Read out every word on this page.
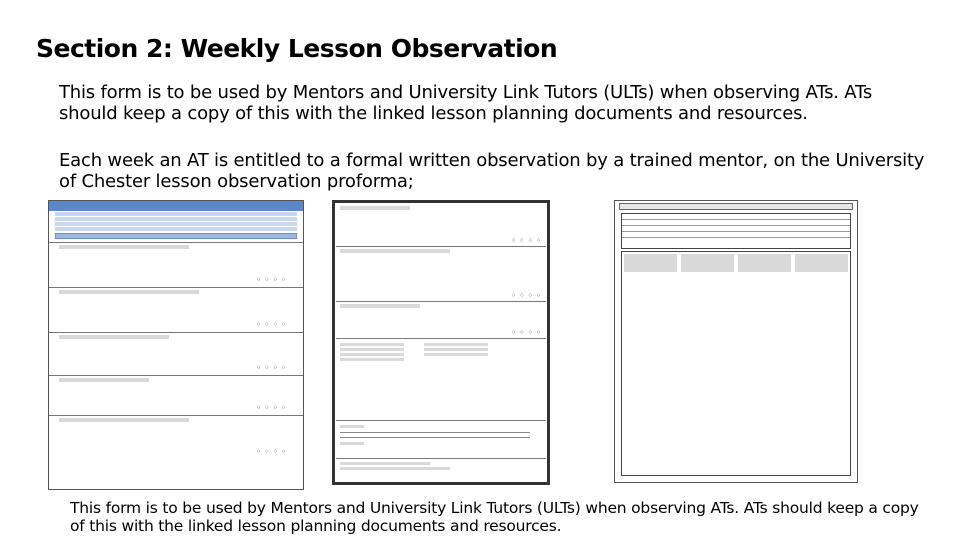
Section 2: Weekly Lesson Observation
This form is to be used by Mentors and University Link Tutors (ULTs) when observing ATs. ATs should keep a copy of this with the linked lesson planning documents and resources.
Each week an AT is entitled to a formal written observation by a trained mentor, on the University of Chester lesson observation proforma;
○ ○ ○ ○
○ ○ ○ ○
○ ○ ○ ○
○ ○ ○ ○
○ ○ ○ ○
○ ○ ○ ○
○ ○ ○ ○
○ ○ ○ ○
This form is to be used by Mentors and University Link Tutors (ULTs) when observing ATs. ATs should keep a copy of this with the linked lesson planning documents and resources.
